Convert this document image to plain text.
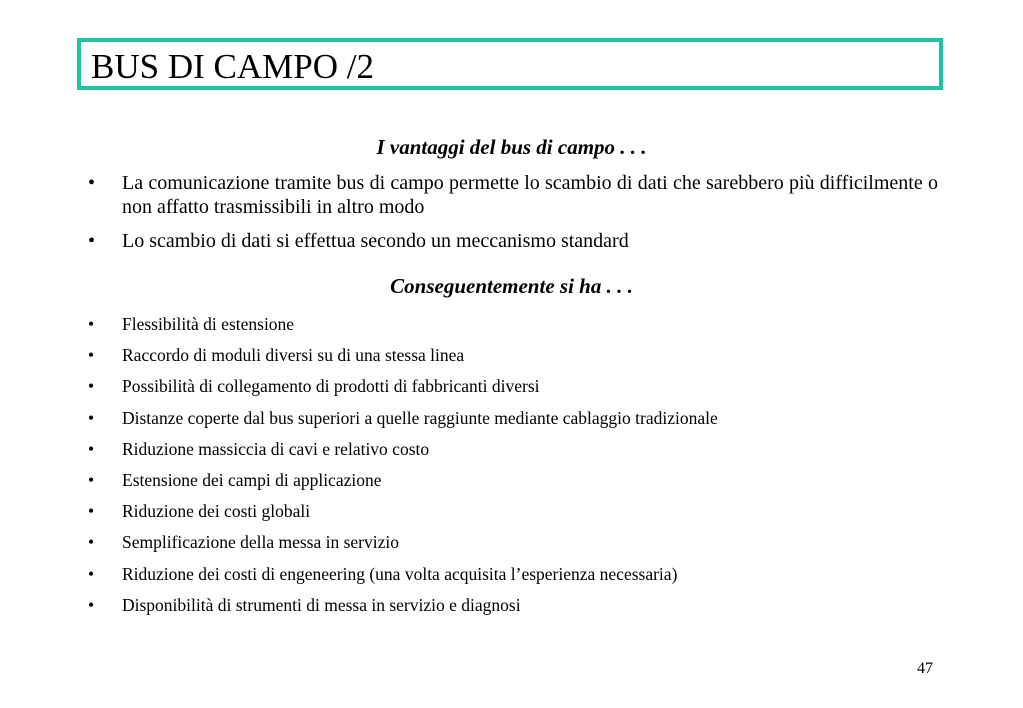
BUS DI CAMPO /2
I vantaggi del bus di campo . . .
• La comunicazione tramite bus di campo permette lo scambio di dati che sarebbero più difficilmente o non affatto trasmissibili in altro modo
• Lo scambio di dati si effettua secondo un meccanismo standard
Conseguentemente si ha . . .
• Flessibilità di estensione
• Raccordo di moduli diversi su di una stessa linea
• Possibilità di collegamento di prodotti di fabbricanti diversi
• Distanze coperte dal bus superiori a quelle raggiunte mediante cablaggio tradizionale
• Riduzione massiccia di cavi e relativo costo
• Estensione dei campi di applicazione
• Riduzione dei costi globali
• Semplificazione della messa in servizio
• Riduzione dei costi di engeneering (una volta acquisita l’esperienza necessaria)
• Disponibilità di strumenti di messa in servizio e diagnosi
47
